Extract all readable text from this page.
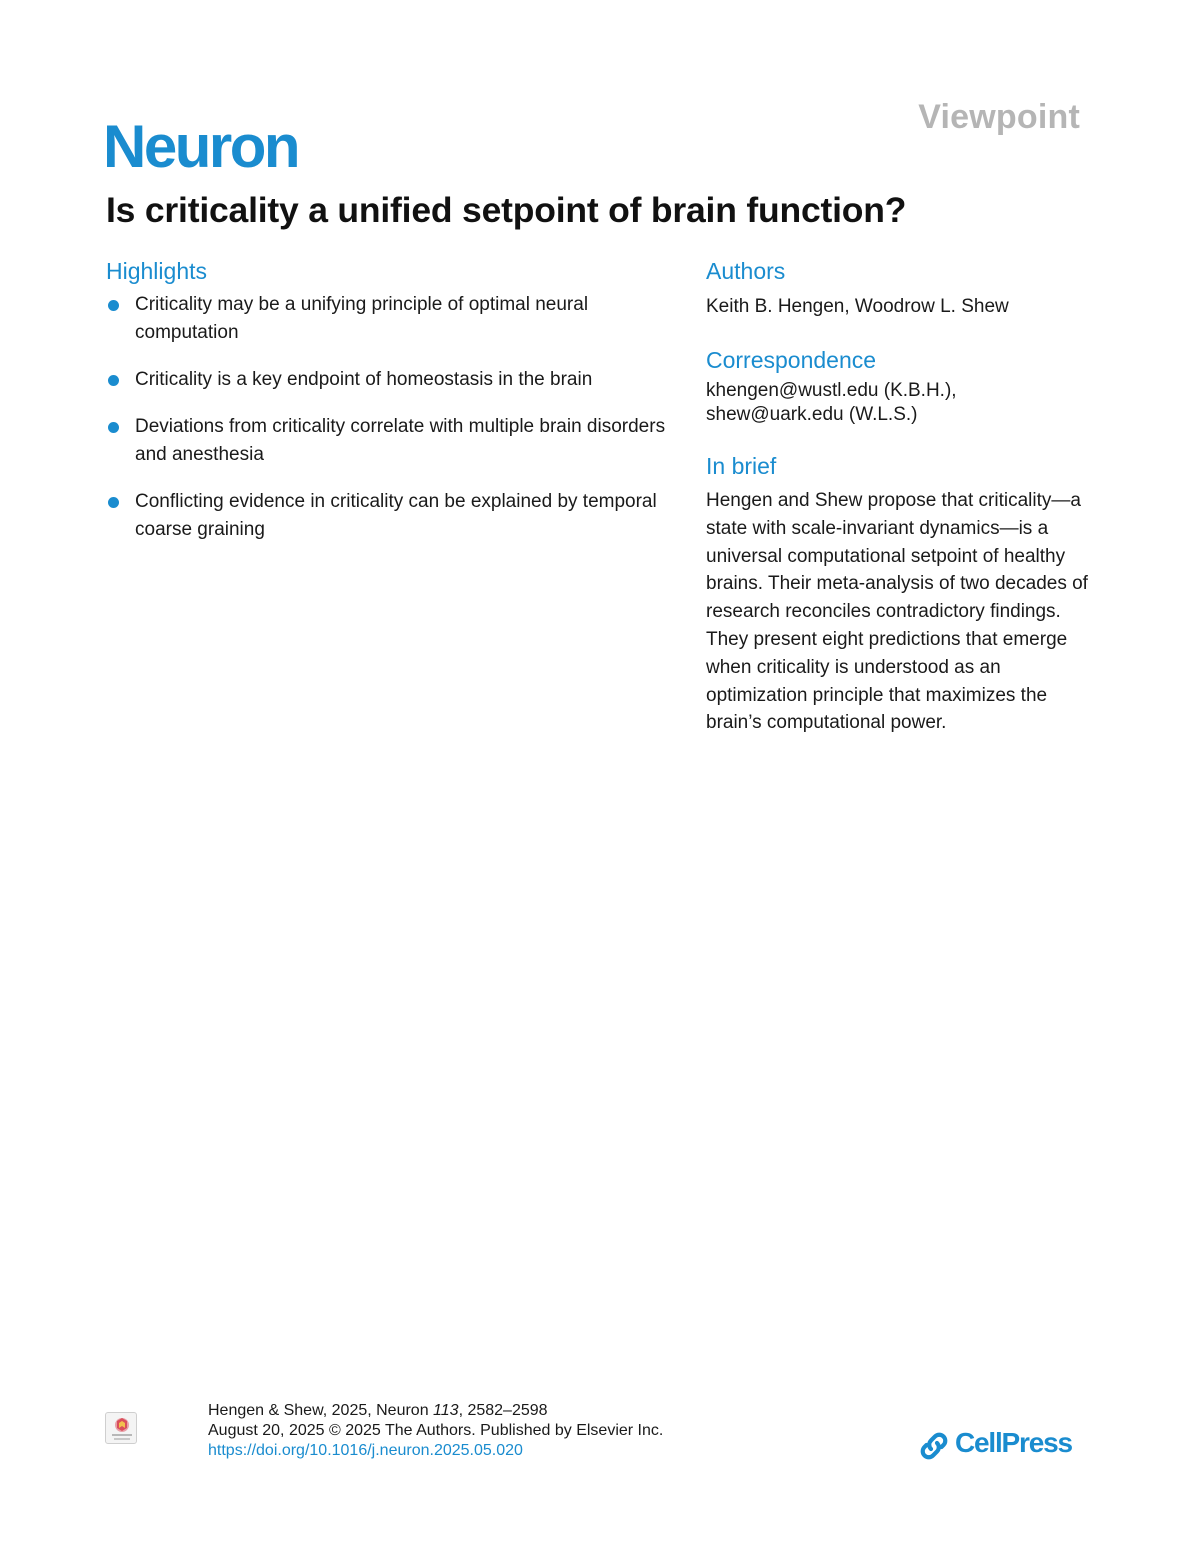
Viewpoint
Neuron
Is criticality a unified setpoint of brain function?
Highlights
Criticality may be a unifying principle of optimal neural computation
Criticality is a key endpoint of homeostasis in the brain
Deviations from criticality correlate with multiple brain disorders and anesthesia
Conflicting evidence in criticality can be explained by temporal coarse graining
Authors
Keith B. Hengen, Woodrow L. Shew
Correspondence
khengen@wustl.edu (K.B.H.),
shew@uark.edu (W.L.S.)
In brief
Hengen and Shew propose that criticality—a state with scale-invariant dynamics—is a universal computational setpoint of healthy brains. Their meta-analysis of two decades of research reconciles contradictory findings. They present eight predictions that emerge when criticality is understood as an optimization principle that maximizes the brain’s computational power.
Hengen & Shew, 2025, Neuron 113, 2582–2598
August 20, 2025 © 2025 The Authors. Published by Elsevier Inc.
https://doi.org/10.1016/j.neuron.2025.05.020	CellPress
